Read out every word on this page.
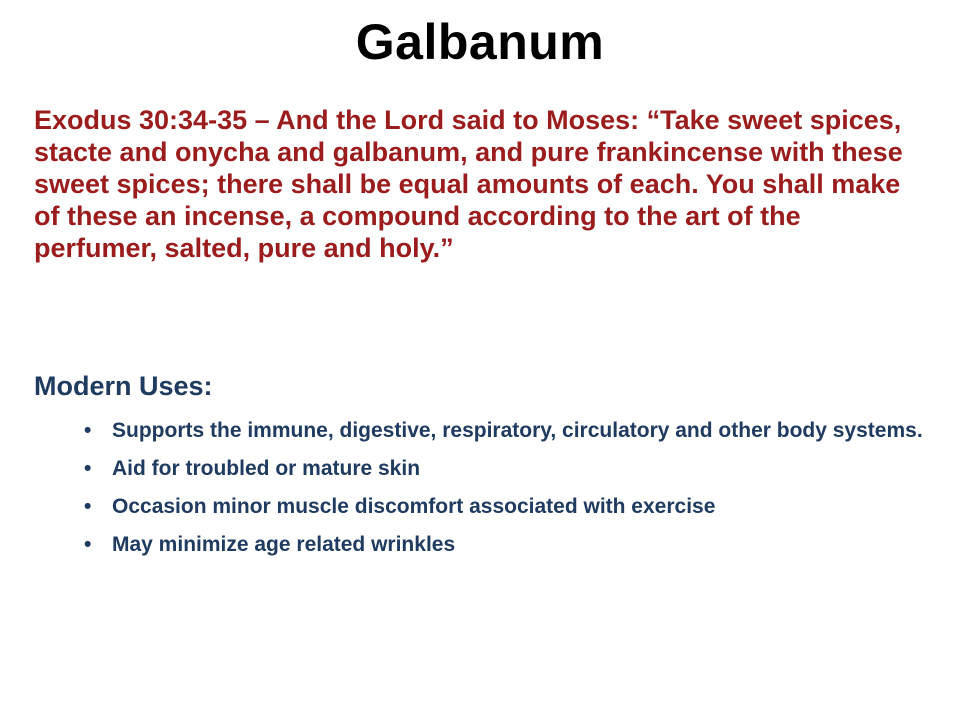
Galbanum

Exodus 30:34-35 – And the Lord said to Moses: “Take sweet spices, stacte and onycha and galbanum, and pure frankincense with these sweet spices; there shall be equal amounts of each. You shall make of these an incense, a compound according to the art of the perfumer, salted, pure and holy.”

Modern Uses:
• Supports the immune, digestive, respiratory, circulatory and other body systems.
• Aid for troubled or mature skin
• Occasion minor muscle discomfort associated with exercise
• May minimize age related wrinkles
